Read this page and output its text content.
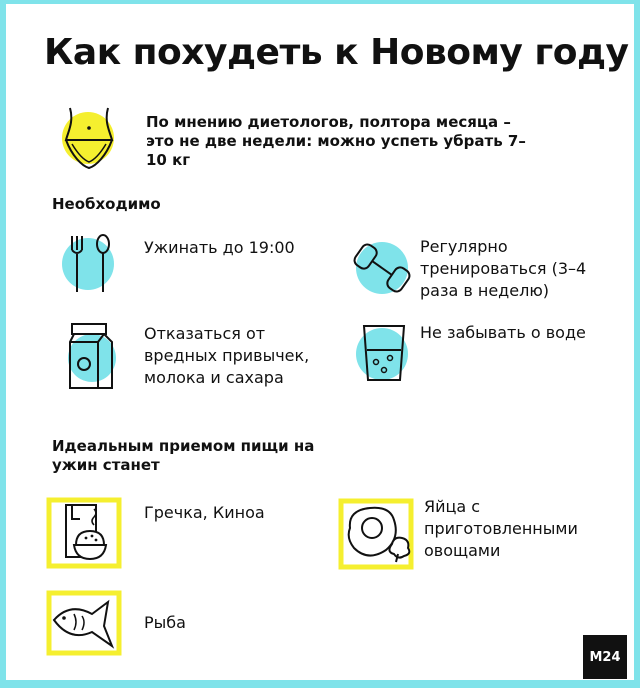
Как похудеть к Новому году
По мнению диетологов, полтора месяца – это не две недели: можно успеть убрать 7–10 кг
Необходимо
Ужинать до 19:00	Регулярно тренироваться (3–4 раза в неделю)
Отказаться от вредных привычек, молока и сахара
Не забывать о воде
Идеальным приемом пищи на ужин станет
Гречка, Киноа	Яйца с приготовленными овощами
Рыба
M24
